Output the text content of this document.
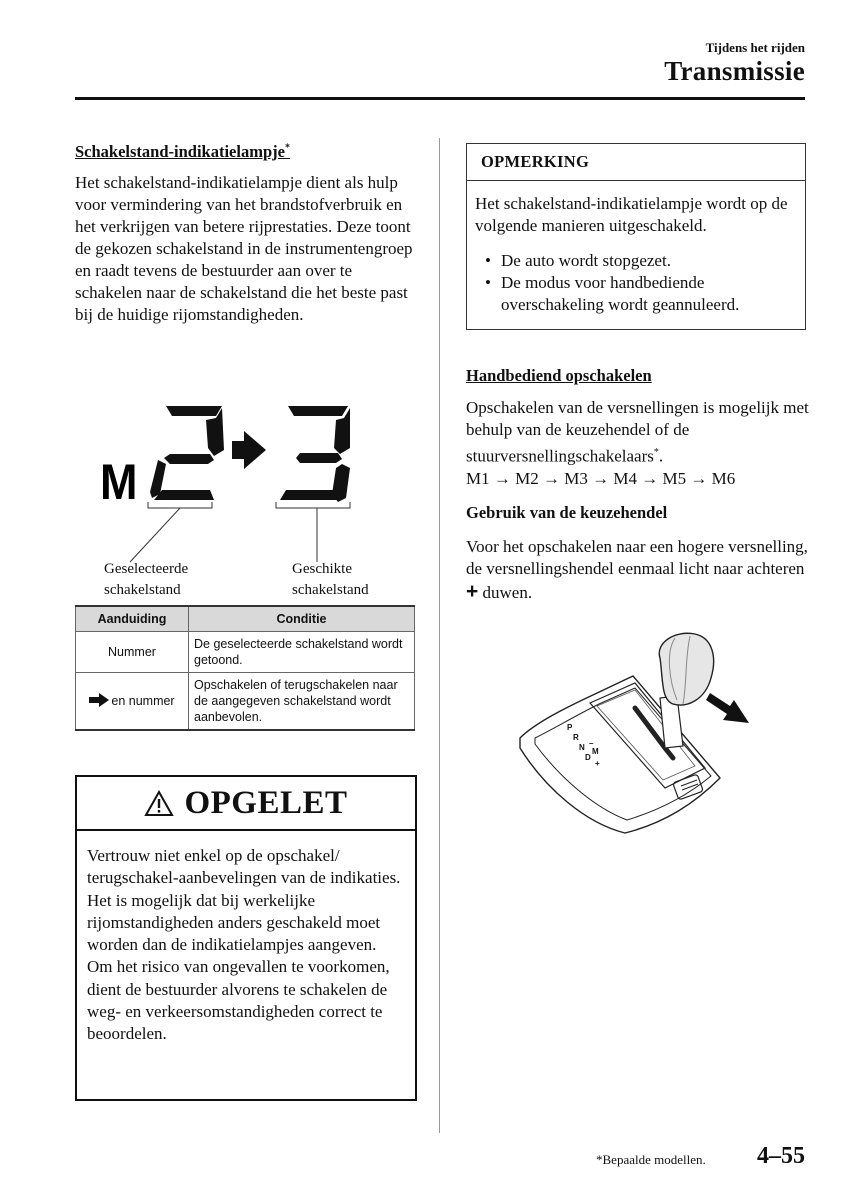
Tijdens het rijden
Transmissie
Schakelstand-indikatielampje*

Het schakelstand-indikatielampje dient als hulp voor vermindering van het brandstofverbruik en het verkrijgen van betere rijprestaties. Deze toont de gekozen schakelstand in de instrumentengroep en raadt tevens de bestuurder aan over te schakelen naar de schakelstand die het beste past bij de huidige rijomstandigheden.

M
Geselecteerde
schakelstand
Geschikte
schakelstand
Aanduiding	Conditie
Nummer	De geselecteerde schakelstand wordt getoond.
en nummer	Opschakelen of terugschakelen naar de aangegeven schakelstand wordt aanbevolen.
OPGELET
Vertrouw niet enkel op de opschakel/ terugschakel-aanbevelingen van de indikaties. Het is mogelijk dat bij werkelijke rijomstandigheden anders geschakeld moet worden dan de indikatielampjes aangeven. Om het risico van ongevallen te voorkomen, dient de bestuurder alvorens te schakelen de weg- en verkeersomstandigheden correct te beoordelen.
OPMERKING
Het schakelstand-indikatielampje wordt op de volgende manieren uitgeschakeld.
• De auto wordt stopgezet.
• De modus voor handbediende overschakeling wordt geannuleerd.
Handbediend opschakelen
Opschakelen van de versnellingen is mogelijk met behulp van de keuzehendel of de stuurversnellingschakelaars*.
M1 → M2 → M3 → M4 → M5 → M6
Gebruik van de keuzehendel
Voor het opschakelen naar een hogere versnelling, de versnellingshendel eenmaal licht naar achteren + duwen.
P
R
N
D
M
–
+
*Bepaalde modellen. 4–55
